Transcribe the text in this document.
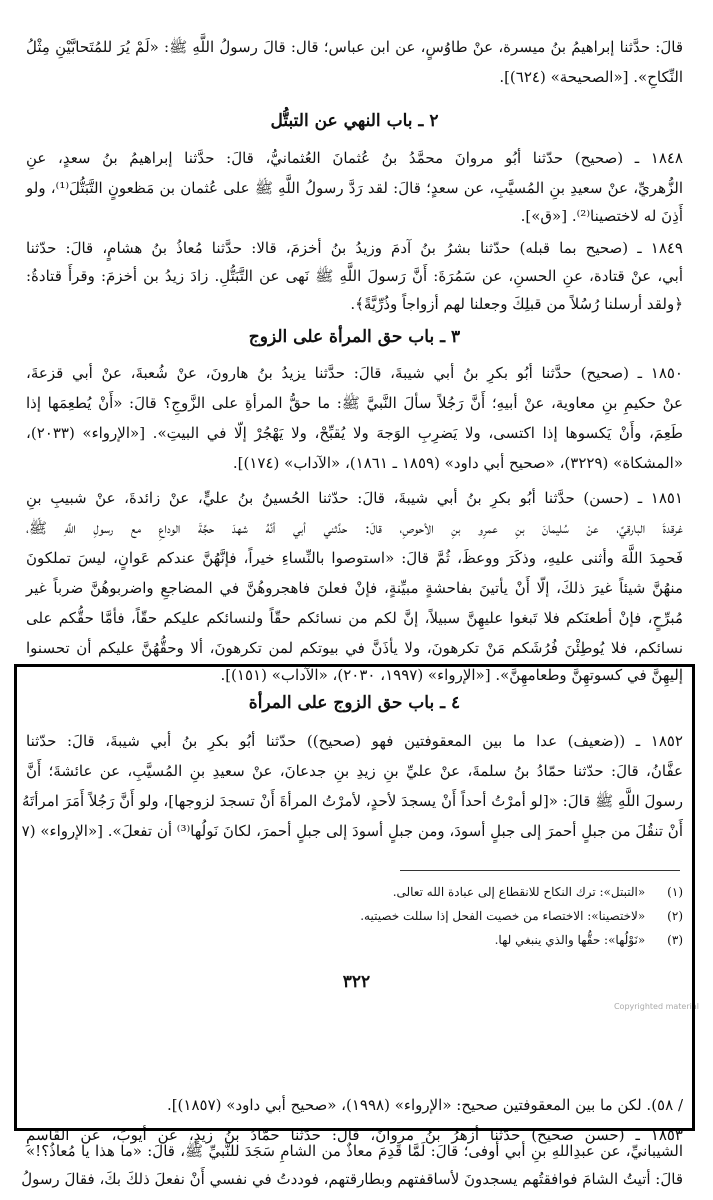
قالَ: حدَّثنا إبراهيمُ بنُ ميسرة، عنْ طاوُسٍ، عن ابن عباس؛ قال: قالَ رسولُ اللَّهِ ﷺ: «لَمْ يُرَ للمُتَحابَّيْنِ مِثْلُ
النِّكاحِ». [«الصحيحة» (٦٢٤)].
٢ ـ باب النهي عن التبتُّل
١٨٤٨ ـ (صحيح) حدّثنا أبُو مروانَ محمَّدُ بنُ عُثمانَ العُثمانيُّ، قالَ: حدَّثنا إبراهيمُ بنُ سعدٍ، عنِ
الزُّهريِّ، عنْ سعيدِ بنِ المُسيَّبِ، عن سعدٍ؛ قالَ: لقد رَدَّ رسولُ اللَّهِ ﷺ على عُثمان بن مَظعونٍ التَّبَتُّلَ⁽¹⁾، ولو
أَذِنَ له لاختصينا⁽²⁾. [«ق»].
١٨٤٩ ـ (صحيح بما قبله) حدّثنا بشرُ بنُ آدمَ وزيدُ بنُ أخزمَ، قالا: حدَّثنا مُعاذُ بنُ هشامٍ، قالَ: حدّثنا
أبي، عنْ قتادة، عنِ الحسنِ، عن سَمُرَةَ: أَنَّ رَسولَ اللَّهِ ﷺ نَهى عن التَّبَتُّلِ. زادَ زيدُ بن أخزمَ: وقرأَ قتادةُ:
﴿ولقد أرسلنا رُسُلاً من قبلِكَ وجعلنا لهم أزواجاً وذُرِّيَّةً﴾.
٣ ـ باب حق المرأة على الزوج
١٨٥٠ ـ (صحيح) حدَّثنا أبُو بكرِ بنُ أبي شيبةَ، قالَ: حدَّثنا يزيدُ بنُ هارونَ، عنْ شُعبةَ، عنْ أبي قزعةَ،
عنْ حكيمِ بنِ معاوية، عنْ أبيهِ؛ أَنَّ رَجُلاً سألَ النَّبيَّ ﷺ: ما حقُّ المرأةِ على الزَّوجِ؟ قالَ: «أَنْ يُطعِمَها إذا
طَعِمَ، وأَنْ يَكسوها إذا اكتسى، ولا يَضرِبِ الوَجهَ ولا يُقبِّحْ، ولا يَهْجُرْ إلّا في البيتِ». [«الإرواء» (٢٠٣٣)،
«المشكاة» (٣٢٢٩)، «صحيح أبي داود» (١٨٥٩ ـ ١٨٦١)، «الآداب» (١٧٤)].
١٨٥١ ـ (حسن) حدَّثنا أبُو بكرِ بنُ أبي شيبةَ، قالَ: حدّثنا الحُسينُ بنُ عليٍّ، عنْ زائدةَ، عنْ شبيبِ بنِ
غرقدةَ البارقيِّ، عنْ سُليمانَ بنِ عمرِو بنِ الأحوصِ، قالَ: حدَّثني أبي أنَّهُ شهدَ حجَّةَ الوداعِ مع رسولِ اللَّهِ ﷺ،
فَحمِدَ اللَّهَ وأثنى عليهِ، وذكَرَ ووعظَ، ثُمَّ قالَ: «استوصوا بالنِّساءِ خيراً، فإنَّهُنَّ عندكم عَوانٍ، ليسَ تملكونَ
منهُنَّ شيئاً غيرَ ذلكَ، إلّا أَنْ يأتينَ بفاحشةٍ مبيِّنةٍ، فإنْ فعلنَ فاهجروهُنَّ في المضاجعِ واضربوهُنَّ ضرباً غير
مُبرِّحٍ، فإنْ أطعنَكم فلا تَبغوا عليهِنَّ سبيلاً، إنَّ لكم من نسائكم حقّاً ولنسائكم عليكم حقّاً، فأمَّا حقُّكم على
نسائكم، فلا يُوطِئْنَ فُرُشَكم مَنْ تكرهونَ، ولا يأذَنَّ في بيوتكم لمن تكرهونَ، ألا وحقُّهُنَّ عليكم أن تحسنوا
إليهِنَّ في كسوتهِنَّ وطعامهِنَّ». [«الإرواء» (١٩٩٧، ٢٠٣٠)، «الآداب» (١٥١)].
٤ ـ باب حق الزوج على المرأة
١٨٥٢ ـ ((ضعيف) عدا ما بين المعقوفتين فهو (صحيح)) حدّثنا أبُو بكرِ بنُ أبي شيبةَ، قالَ: حدّثنا
عفَّانُ، قالَ: حدّثنا حمّادُ بنُ سلمةَ، عنْ عليِّ بنِ زيدِ بنِ جدعانَ، عنْ سعيدِ بنِ المُسيَّبِ، عن عائشةَ؛ أَنَّ
رسولَ اللَّهِ ﷺ قالَ: «[لو أمرْتُ أحداً أَنْ يسجدَ لأحدٍ، لأمرْتُ المرأةَ أَنْ تسجدَ لزوجها]، ولو أَنَّ رَجُلاً أَمَرَ امرأتَهُ
أَنْ تنقُلَ من جبلٍ أحمرَ إلى جبلٍ أسودَ، ومن جبلٍ أسودَ إلى جبلٍ أحمرَ، لكانَ نَولُها⁽³⁾ أن تفعلَ». [«الإرواء» (٧
(١) «التبتل»: ترك النكاح للانقطاع إلى عبادة الله تعالى.
(٢) «لاختصينا»: الاختصاء من خصيت الفحل إذا سللت خصيتيه.
(٣) «نَوْلُها»: حقُّها والذي ينبغي لها.
٣٢٢
Copyrighted material
/ ٥٨). لكن ما بين المعقوفتين صحيح: «الإرواء» (١٩٩٨)، «صحيح أبي داود» (١٨٥٧)].
١٨٥٣ ـ (حسن صحيح) حدّثنا أزهرُ بنُ مروانَ، قالَ: حدّثنا حمّادُ بنُ زيدٍ، عن أيوبَ، عن القاسمِ
الشيبانيِّ، عن عبدِاللهِ بنِ أبي أوفى؛ قالَ: لَمَّا قَدِمَ معاذٌ من الشامِ سَجَدَ للنَّبيِّ ﷺ، قالَ: «ما هذا يا مُعاذُ؟!»
قالَ: أتيتُ الشامَ فوافقتُهم يسجدونَ لأساقفتهم وبطارقتهم، فوددتُ في نفسي أَنْ نفعلَ ذلكَ بكَ، فقالَ رسولُ
